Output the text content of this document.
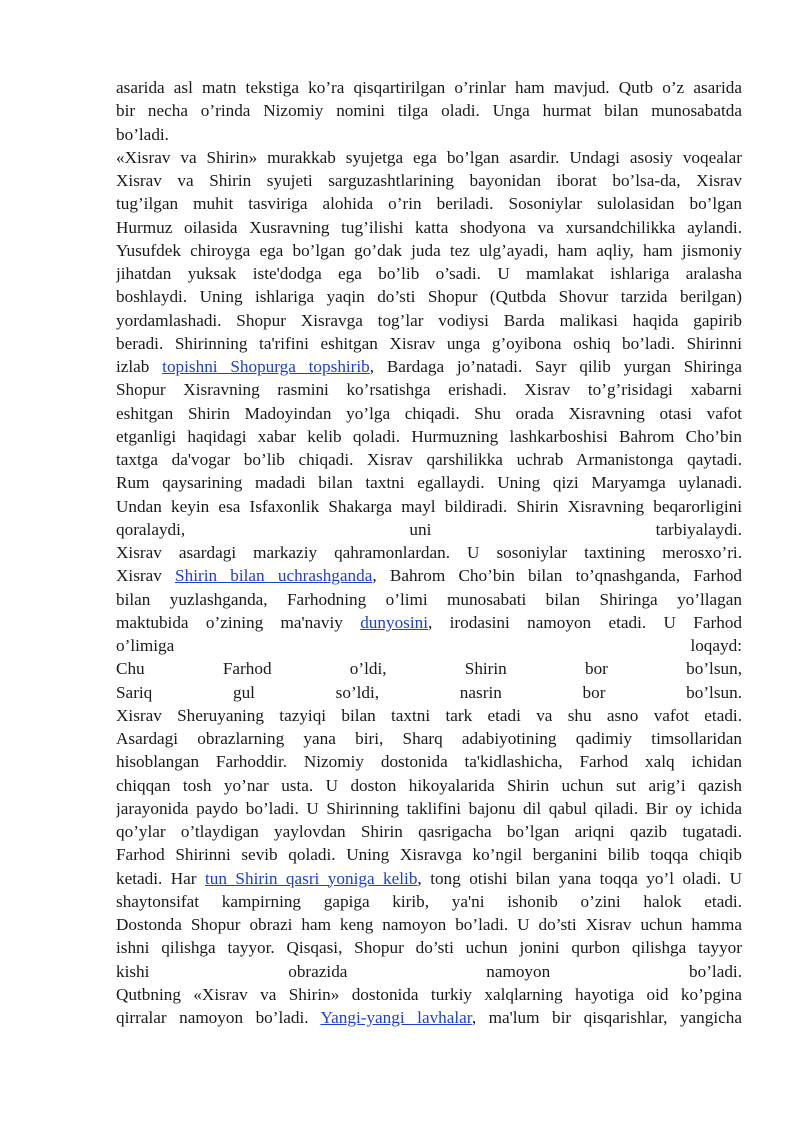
asarida asl matn tekstiga ko’ra qisqartirilgan o’rinlar ham mavjud. Qutb o’z asarida
bir necha o’rinda Nizomiy nomini tilga oladi. Unga hurmat bilan munosabatda
bo’ladi.
«Xisrav va Shirin» murakkab syujetga ega bo’lgan asardir. Undagi asosiy voqealar
Xisrav va Shirin syujeti sarguzashtlarining bayonidan iborat bo’lsa-da, Xisrav
tug’ilgan muhit tasviriga alohida o’rin beriladi. Sosoniylar sulolasidan bo’lgan
Hurmuz oilasida Xusravning tug’ilishi katta shodyona va xursandchilikka aylandi.
Yusufdek chiroyga ega bo’lgan go’dak juda tez ulg’ayadi, ham aqliy, ham jismoniy
jihatdan yuksak iste'dodga ega bo’lib o’sadi. U mamlakat ishlariga aralasha
boshlaydi. Uning ishlariga yaqin do’sti Shopur (Qutbda Shovur tarzida berilgan)
yordamlashadi. Shopur Xisravga tog’lar vodiysi Barda malikasi haqida gapirib
beradi. Shirinning ta'rifini eshitgan Xisrav unga g’oyibona oshiq bo’ladi. Shirinni
izlab topishni Shopurga topshirib, Bardaga jo’natadi. Sayr qilib yurgan Shiringa
Shopur Xisravning rasmini ko’rsatishga erishadi. Xisrav to’g’risidagi xabarni
eshitgan Shirin Madoyindan yo’lga chiqadi. Shu orada Xisravning otasi vafot
etganligi haqidagi xabar kelib qoladi. Hurmuzning lashkarboshisi Bahrom Cho’bin
taxtga da'vogar bo’lib chiqadi. Xisrav qarshilikka uchrab Armanistonga qaytadi.
Rum qaysarining madadi bilan taxtni egallaydi. Uning qizi Maryamga uylanadi.
Undan keyin esa Isfaxonlik Shakarga mayl bildiradi. Shirin Xisravning beqarorligini
qoralaydi, uni tarbiyalaydi.
Xisrav asardagi markaziy qahramonlardan. U sosoniylar taxtining merosxo’ri.
Xisrav Shirin bilan uchrashganda, Bahrom Cho’bin bilan to’qnashganda, Farhod
bilan yuzlashganda, Farhodning o’limi munosabati bilan Shiringa yo’llagan
maktubida o’zining ma'naviy dunyosini, irodasini namoyon etadi. U Farhod
o’limiga loqayd:
Chu Farhod o’ldi, Shirin bor bo’lsun,
Sariq gul so’ldi, nasrin bor bo’lsun.
Xisrav Sheruyaning tazyiqi bilan taxtni tark etadi va shu asno vafot etadi.
Asardagi obrazlarning yana biri, Sharq adabiyotining qadimiy timsollaridan
hisoblangan Farhoddir. Nizomiy dostonida ta'kidlashicha, Farhod xalq ichidan
chiqqan tosh yo’nar usta. U doston hikoyalarida Shirin uchun sut arig’i qazish
jarayonida paydo bo’ladi. U Shirinning taklifini bajonu dil qabul qiladi. Bir oy ichida
qo’ylar o’tlaydigan yaylovdan Shirin qasrigacha bo’lgan ariqni qazib tugatadi.
Farhod Shirinni sevib qoladi. Uning Xisravga ko’ngil berganini bilib toqqa chiqib
ketadi. Har tun Shirin qasri yoniga kelib, tong otishi bilan yana toqqa yo’l oladi. U
shaytonsifat kampirning gapiga kirib, ya'ni ishonib o’zini halok etadi.
Dostonda Shopur obrazi ham keng namoyon bo’ladi. U do’sti Xisrav uchun hamma
ishni qilishga tayyor. Qisqasi, Shopur do’sti uchun jonini qurbon qilishga tayyor
kishi obrazida namoyon bo’ladi.
Qutbning «Xisrav va Shirin» dostonida turkiy xalqlarning hayotiga oid ko’pgina
qirralar namoyon bo’ladi. Yangi-yangi lavhalar, ma'lum bir qisqarishlar, yangicha
